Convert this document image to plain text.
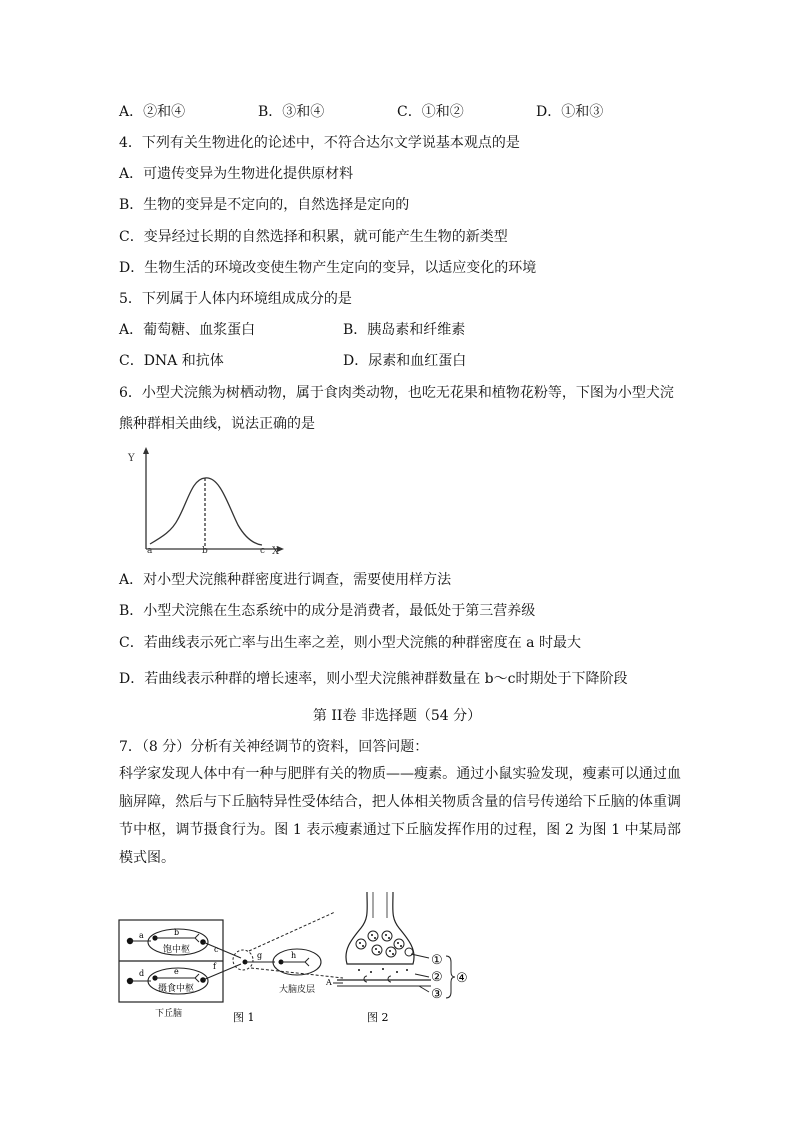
A．②和④	B．③和④	C．①和②	D．①和③
4．下列有关生物进化的论述中，不符合达尔文学说基本观点的是
A．可遗传变异为生物进化提供原材料
B．生物的变异是不定向的，自然选择是定向的
C．变异经过长期的自然选择和积累，就可能产生生物的新类型
D．生物生活的环境改变使生物产生定向的变异，以适应变化的环境
5．下列属于人体内环境组成成分的是
A．葡萄糖、血浆蛋白	B．胰岛素和纤维素
C．DNA 和抗体	D．尿素和血红蛋白
6．小型犬浣熊为树栖动物，属于食肉类动物，也吃无花果和植物花粉等，下图为小型犬浣
熊种群相关曲线，说法正确的是
Y
X
a	b	c
A．对小型犬浣熊种群密度进行调查，需要使用样方法
B．小型犬浣熊在生态系统中的成分是消费者，最低处于第三营养级
C．若曲线表示死亡率与出生率之差，则小型犬浣熊的种群密度在 a 时最大
D．若曲线表示种群的增长速率，则小型犬浣熊神群数量在 b～c时期处于下降阶段
第 II卷 非选择题（54 分）
7．（8 分）分析有关神经调节的资料，回答问题：
科学家发现人体中有一种与肥胖有关的物质——瘦素。通过小鼠实验发现，瘦素可以通过血脑屏障，然后与下丘脑特异性受体结合，把人体相关物质含量的信号传递给下丘脑的体重调节中枢，调节摄食行为。图 1 表示瘦素通过下丘脑发挥作用的过程，图 2 为图 1 中某局部模式图。
a	b
饱中枢	c
d	e
摄食中枢
f
g	h
大脑皮层
下丘脑	图 1
A
①
②
③
④
图 2
